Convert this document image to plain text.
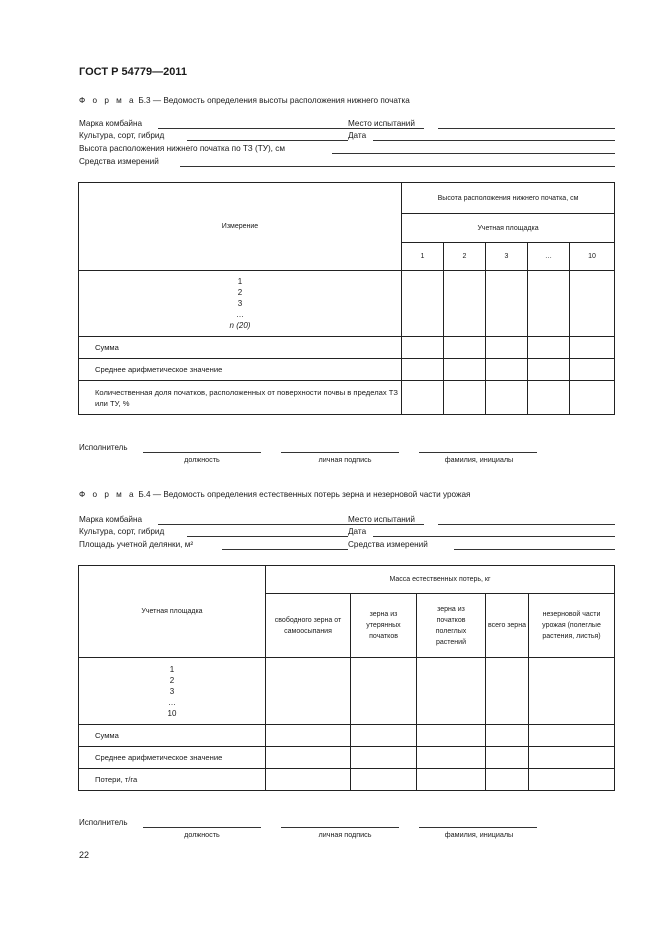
ГОСТ Р 54779—2011
Ф о р м а Б.3 — Ведомость определения высоты расположения нижнего початка
Марка комбайна	Место испытаний
Культура, сорт, гибрид	Дата
Высота расположения нижнего початка по ТЗ (ТУ), см
Средства измерений
Измерение	Высота расположения нижнего початка, см				
	Учетная площадка				
	1	2	3	…	10

1
2
3
…
n (20)					

Сумма					
Среднее арифметическое значение					
Количественная доля початков, расположенных от поверхности почвы в пределах ТЗ или ТУ, %					
Исполнитель
должность	личная подпись	фамилия, инициалы
Ф о р м а Б.4 — Ведомость определения естественных потерь зерна и незерновой части урожая
Марка комбайна	Место испытаний
Культура, сорт, гибрид	Дата
Площадь учетной делянки, м²	Средства измерений
Учетная площадка	Масса естественных потерь, кг				
	свободного зерна от самоосыпания	зерна из утерянных початков	зерна из початков полеглых растений	всего зерна	незерновой части урожая (полеглые растения, листья)

1
2
3
…
10					

Сумма					
Среднее арифметическое значение					
Потери, т/га					
Исполнитель
должность	личная подпись	фамилия, инициалы
22
